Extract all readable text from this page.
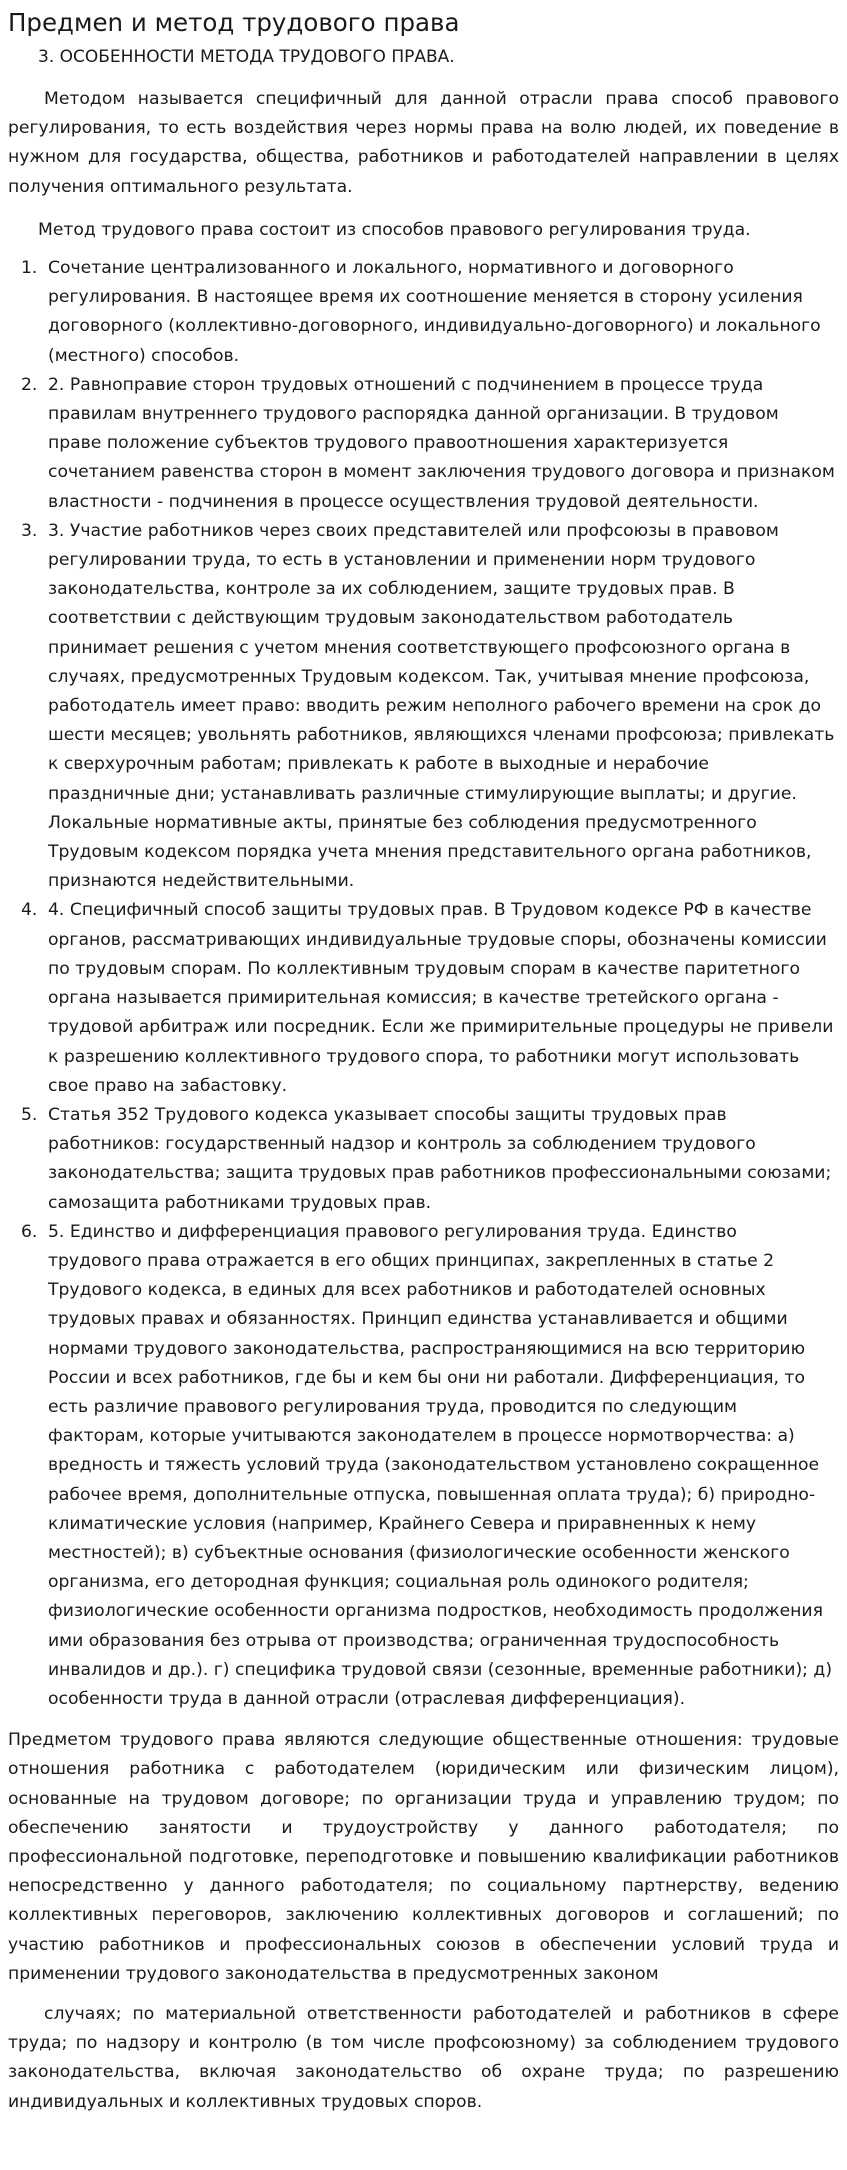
Предмеn и метод трудового права

3. ОСОБЕННОСТИ МЕТОДА ТРУДОВОГО ПРАВА.

Методом называется специфичный для данной отрасли права способ правового регулирования, то есть воздействия через нормы права на волю людей, их поведение в нужном для государства, общества, работников и работодателей направлении в целях получения оптимального результата.

Метод трудового права состоит из способов правового регулирования труда.

1. Сочетание централизованного и локального, нормативного и договорного регулирования. В настоящее время их соотношение меняется в сторону усиления договорного (коллективно-договорного, индивидуально-договорного) и локального (местного) способов.
2. 2. Равноправие сторон трудовых отношений с подчинением в процессе труда правилам внутреннего трудового распорядка данной организации. В трудовом праве положение субъектов трудового правоотношения характеризуется сочетанием равенства сторон в момент заключения трудового договора и признаком властности - подчинения в процессе осуществления трудовой деятельности.
3. 3. Участие работников через своих представителей или профсоюзы в правовом регулировании труда, то есть в установлении и применении норм трудового законодательства, контроле за их соблюдением, защите трудовых прав. В соответствии с действующим трудовым законодательством работодатель принимает решения с учетом мнения соответствующего профсоюзного органа в случаях, предусмотренных Трудовым кодексом. Так, учитывая мнение профсоюза, работодатель имеет право: вводить режим неполного рабочего времени на срок до шести месяцев; увольнять работников, являющихся членами профсоюза; привлекать к сверхурочным работам; привлекать к работе в выходные и нерабочие праздничные дни; устанавливать различные стимулирующие выплаты; и другие. Локальные нормативные акты, принятые без соблюдения предусмотренного Трудовым кодексом порядка учета мнения представительного органа работников, признаются недействительными.
4. 4. Специфичный способ защиты трудовых прав. В Трудовом кодексе РФ в качестве органов, рассматривающих индивидуальные трудовые споры, обозначены комиссии по трудовым спорам. По коллективным трудовым спорам в качестве паритетного органа называется примирительная комиссия; в качестве третейского органа - трудовой арбитраж или посредник. Если же примирительные процедуры не привели к разрешению коллективного трудового спора, то работники могут использовать свое право на забастовку.
5. Статья 352 Трудового кодекса указывает способы защиты трудовых прав работников: государственный надзор и контроль за соблюдением трудового законодательства; защита трудовых прав работников профессиональными союзами; самозащита работниками трудовых прав.
6. 5. Единство и дифференциация правового регулирования труда. Единство трудового права отражается в его общих принципах, закрепленных в статье 2 Трудового кодекса, в единых для всех работников и работодателей основных трудовых правах и обязанностях. Принцип единства устанавливается и общими нормами трудового законодательства, распространяющимися на всю территорию России и всех работников, где бы и кем бы они ни работали. Дифференциация, то есть различие правового регулирования труда, проводится по следующим факторам, которые учитываются законодателем в процессе нормотворчества: а) вредность и тяжесть условий труда (законодательством установлено сокращенное рабочее время, дополнительные отпуска, повышенная оплата труда); б) природно-климатические условия (например, Крайнего Севера и приравненных к нему местностей); в) субъектные основания (физиологические особенности женского организма, его детородная функция; социальная роль одинокого родителя; физиологические особенности организма подростков, необходимость продолжения ими образования без отрыва от производства; ограниченная трудоспособность инвалидов и др.). г) специфика трудовой связи (сезонные, временные работники); д) особенности труда в данной отрасли (отраслевая дифференциация).

Предметом трудового права являются следующие общественные отношения: трудовые отношения работника с работодателем (юридическим или физическим лицом), основанные на трудовом договоре; по организации труда и управлению трудом; по обеспечению занятости и трудоустройству у данного работодателя; по профессиональной подготовке, переподготовке и повышению квалификации работников непосредственно у данного работодателя; по социальному партнерству, ведению коллективных переговоров, заключению коллективных договоров и соглашений; по участию работников и профессиональных союзов в обеспечении условий труда и применении трудового законодательства в предусмотренных законом

случаях; по материальной ответственности работодателей и работников в сфере труда; по надзору и контролю (в том числе профсоюзному) за соблюдением трудового законодательства, включая законодательство об охране труда; по разрешению индивидуальных и коллективных трудовых споров.
